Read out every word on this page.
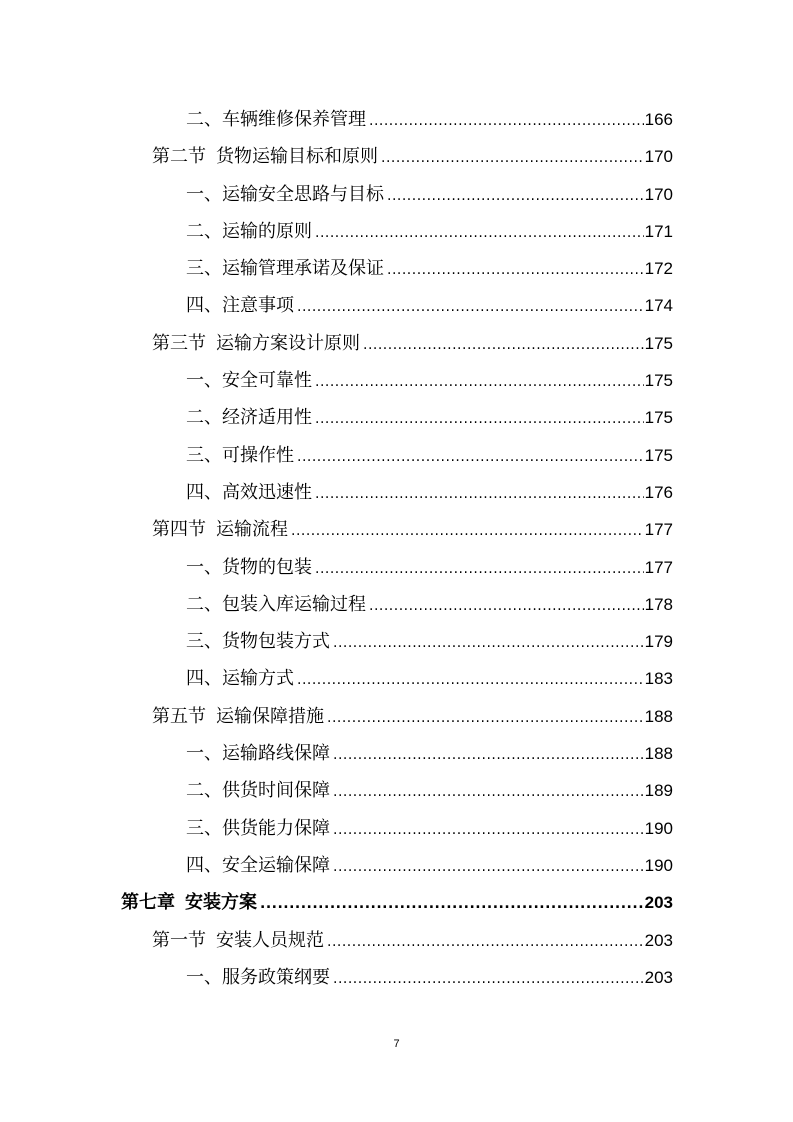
二、 车辆维修保养管理 .....	166
第二节 货物运输目标和原则 .....	170
一、 运输安全思路与目标 .....	170
二、 运输的原则 .....	171
三、 运输管理承诺及保证 .....	172
四、 注意事项 .....	174
第三节 运输方案设计原则 .....	175
一、 安全可靠性 .....	175
二、 经济适用性 .....	175
三、 可操作性 .....	175
四、 高效迅速性 .....	176
第四节 运输流程 .....	177
一、 货物的包装 .....	177
二、 包装入库运输过程 .....	178
三、 货物包装方式 .....	179
四、 运输方式 .....	183
第五节 运输保障措施 .....	188
一、 运输路线保障 .....	188
二、 供货时间保障 .....	189
三、 供货能力保障 .....	190
四、 安全运输保障 .....	190
第七章 安装方案 .....	203
第一节 安装人员规范 .....	203
一、 服务政策纲要 .....	203
7
